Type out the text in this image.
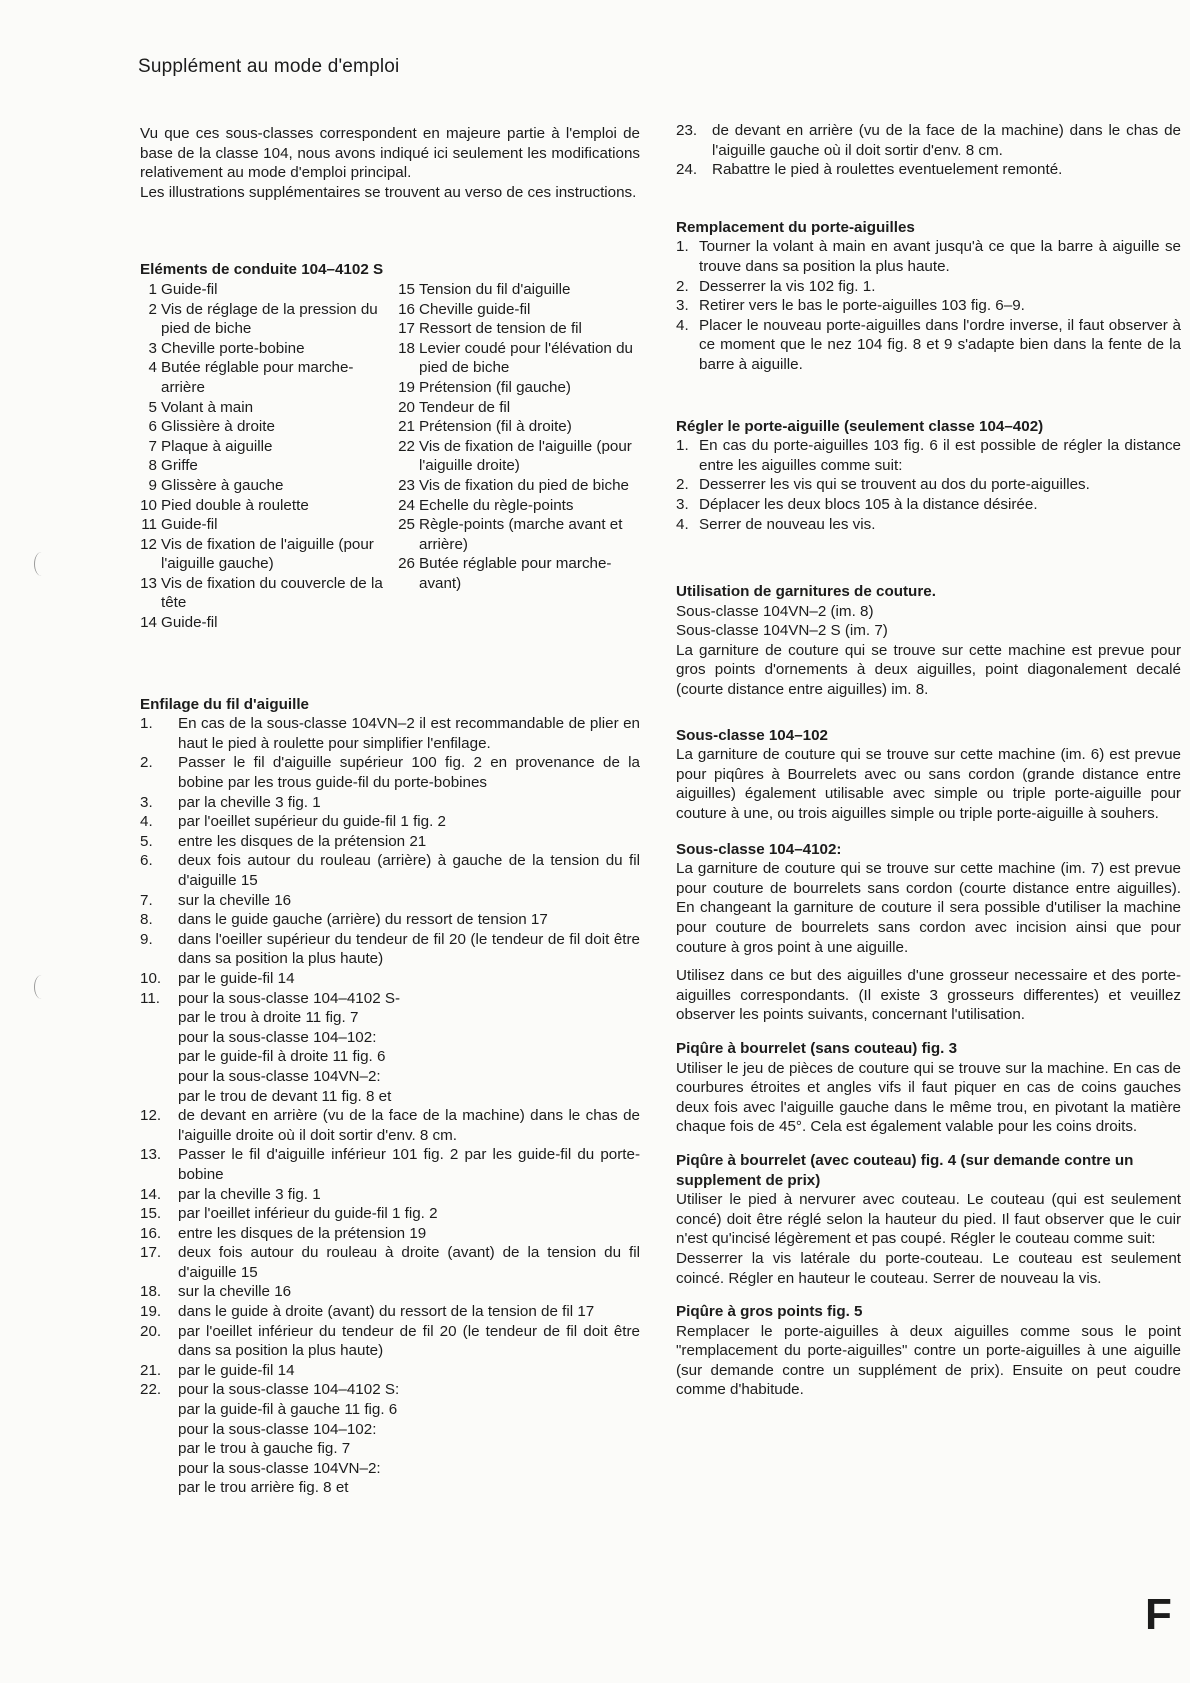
Supplément au mode d'emploi

Vu que ces sous-classes correspondent en majeure partie à l'emploi de base de la classe 104, nous avons indiqué ici seulement les modifications relativement au mode d'emploi principal.

Les illustrations supplémentaires se trouvent au verso de ces instructions.

Eléments de conduite 104–4102 S

1 Guide-fil
2 Vis de réglage de la pression du pied de biche
3 Cheville porte-bobine
4 Butée réglable pour marche-arrière
5 Volant à main
6 Glissière à droite
7 Plaque à aiguille
8 Griffe
9 Glissère à gauche
10 Pied double à roulette
11 Guide-fil
12 Vis de fixation de l'aiguille (pour l'aiguille gauche)
13 Vis de fixation du couvercle de la tête
14 Guide-fil
15 Tension du fil d'aiguille
16 Cheville guide-fil
17 Ressort de tension de fil
18 Levier coudé pour l'élévation du pied de biche
19 Prétension (fil gauche)
20 Tendeur de fil
21 Prétension (fil à droite)
22 Vis de fixation de l'aiguille (pour l'aiguille droite)
23 Vis de fixation du pied de biche
24 Echelle du règle-points
25 Règle-points (marche avant et arrière)
26 Butée réglable pour marche-avant)

Enfilage du fil d'aiguille

1.	En cas de la sous-classe 104VN–2 il est recommandable de plier en haut le pied à roulette pour simplifier l'enfilage.
2.	Passer le fil d'aiguille supérieur 100 fig. 2 en provenance de la bobine par les trous guide-fil du porte-bobines
3.	par la cheville 3 fig. 1
4.	par l'oeillet supérieur du guide-fil 1 fig. 2
5.	entre les disques de la prétension 21
6.	deux fois autour du rouleau (arrière) à gauche de la tension du fil d'aiguille 15
7.	sur la cheville 16
8.	dans le guide gauche (arrière) du ressort de tension 17
9.	dans l'oeiller supérieur du tendeur de fil 20 (le tendeur de fil doit être dans sa position la plus haute)
10.	par le guide-fil 14
11.	pour la sous-classe 104–4102 S-
par le trou à droite 11 fig. 7
pour la sous-classe 104–102:
par le guide-fil à droite 11 fig. 6
pour la sous-classe 104VN–2:
par le trou de devant 11 fig. 8 et
12.	de devant en arrière (vu de la face de la machine) dans le chas de l'aiguille droite où il doit sortir d'env. 8 cm.
13.	Passer le fil d'aiguille inférieur 101 fig. 2 par les guide-fil du porte-bobine
14.	par la cheville 3 fig. 1
15.	par l'oeillet inférieur du guide-fil 1 fig. 2
16.	entre les disques de la prétension 19
17.	deux fois autour du rouleau à droite (avant) de la tension du fil d'aiguille 15
18.	sur la cheville 16
19.	dans le guide à droite (avant) du ressort de la tension de fil 17
20.	par l'oeillet inférieur du tendeur de fil 20 (le tendeur de fil doit être dans sa position la plus haute)
21.	par le guide-fil 14
22.	pour la sous-classe 104–4102 S:
par la guide-fil à gauche 11 fig. 6
pour la sous-classe 104–102:
par le trou à gauche fig. 7
pour la sous-classe 104VN–2:
par le trou arrière fig. 8 et
23. de devant en arrière (vu de la face de la machine) dans le chas de l'aiguille gauche où il doit sortir d'env. 8 cm.
24. Rabattre le pied à roulettes eventuelement remonté.

Remplacement du porte-aiguilles

1. Tourner la volant à main en avant jusqu'à ce que la barre à aiguille se trouve dans sa position la plus haute.
2. Desserrer la vis 102 fig. 1.
3. Retirer vers le bas le porte-aiguilles 103 fig. 6–9.
4. Placer le nouveau porte-aiguilles dans l'ordre inverse, il faut observer à ce moment que le nez 104 fig. 8 et 9 s'adapte bien dans la fente de la barre à aiguille.

Régler le porte-aiguille (seulement classe 104–402)

1. En cas du porte-aiguilles 103 fig. 6 il est possible de régler la distance entre les aiguilles comme suit:
2. Desserrer les vis qui se trouvent au dos du porte-aiguilles.
3. Déplacer les deux blocs 105 à la distance désirée.
4. Serrer de nouveau les vis.

Utilisation de garnitures de couture.

Sous-classe 104VN–2 (im. 8)
Sous-classe 104VN–2 S (im. 7)

La garniture de couture qui se trouve sur cette machine est prevue pour gros points d'ornements à deux aiguilles, point diagonalement decalé (courte distance entre aiguilles) im. 8.

Sous-classe 104–102

La garniture de couture qui se trouve sur cette machine (im. 6) est prevue pour piqûres à Bourrelets avec ou sans cordon (grande distance entre aiguilles) également utilisable avec simple ou triple porte-aiguille pour couture à une, ou trois aiguilles simple ou triple porte-aiguille à souhers.

Sous-classe 104–4102:

La garniture de couture qui se trouve sur cette machine (im. 7) est prevue pour couture de bourrelets sans cordon (courte distance entre aiguilles). En changeant la garniture de couture il sera possible d'utiliser la machine pour couture de bourrelets sans cordon avec incision ainsi que pour couture à gros point à une aiguille.

Utilisez dans ce but des aiguilles d'une grosseur necessaire et des porte-aiguilles correspondants. (Il existe 3 grosseurs differentes) et veuillez observer les points suivants, concernant l'utilisation.

Piqûre à bourrelet (sans couteau) fig. 3

Utiliser le jeu de pièces de couture qui se trouve sur la machine. En cas de courbures étroites et angles vifs il faut piquer en cas de coins gauches deux fois avec l'aiguille gauche dans le même trou, en pivotant la matière chaque fois de 45°. Cela est également valable pour les coins droits.

Piqûre à bourrelet (avec couteau) fig. 4 (sur demande contre un supplement de prix)

Utiliser le pied à nervurer avec couteau. Le couteau (qui est seulement concé) doit être réglé selon la hauteur du pied. Il faut observer que le cuir n'est qu'incisé légèrement et pas coupé. Régler le couteau comme suit:

Desserrer la vis latérale du porte-couteau. Le couteau est seulement coincé. Régler en hauteur le couteau. Serrer de nouveau la vis.

Piqûre à gros points fig. 5

Remplacer le porte-aiguilles à deux aiguilles comme sous le point "remplacement du porte-aiguilles" contre un porte-aiguilles à une aiguille (sur demande contre un supplément de prix). Ensuite on peut coudre comme d'habitude.

F
